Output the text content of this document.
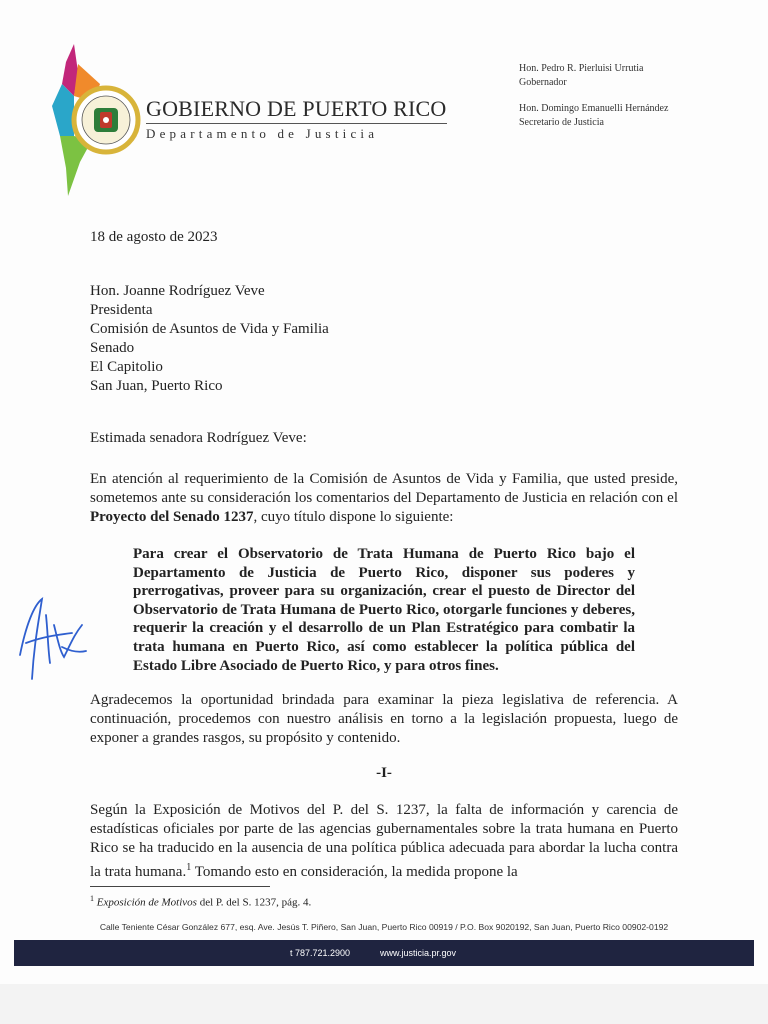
GOBIERNO DE PUERTO RICO
Departamento de Justicia
Hon. Pedro R. Pierluisi Urrutia
Gobernador
Hon. Domingo Emanuelli Hernández
Secretario de Justicia
18 de agosto de 2023
Hon. Joanne Rodríguez Veve
Presidenta
Comisión de Asuntos de Vida y Familia
Senado
El Capitolio
San Juan, Puerto Rico
Estimada senadora Rodríguez Veve:
En atención al requerimiento de la Comisión de Asuntos de Vida y Familia, que usted preside, sometemos ante su consideración los comentarios del Departamento de Justicia en relación con el Proyecto del Senado 1237, cuyo título dispone lo siguiente:
Para crear el Observatorio de Trata Humana de Puerto Rico bajo el Departamento de Justicia de Puerto Rico, disponer sus poderes y prerrogativas, proveer para su organización, crear el puesto de Director del Observatorio de Trata Humana de Puerto Rico, otorgarle funciones y deberes, requerir la creación y el desarrollo de un Plan Estratégico para combatir la trata humana en Puerto Rico, así como establecer la política pública del Estado Libre Asociado de Puerto Rico, y para otros fines.
Agradecemos la oportunidad brindada para examinar la pieza legislativa de referencia. A continuación, procedemos con nuestro análisis en torno a la legislación propuesta, luego de exponer a grandes rasgos, su propósito y contenido.
-I-
Según la Exposición de Motivos del P. del S. 1237, la falta de información y carencia de estadísticas oficiales por parte de las agencias gubernamentales sobre la trata humana en Puerto Rico se ha traducido en la ausencia de una política pública adecuada para abordar la lucha contra la trata humana.$^1$ Tomando esto en consideración, la medida propone la
$^1$ Exposición de Motivos del P. del S. 1237, pág. 4.
Calle Teniente César González 677, esq. Ave. Jesús T. Piñero, San Juan, Puerto Rico 00919 / P.O. Box 9020192, San Juan, Puerto Rico 00902-0192
t 787.721.2900	www.justicia.pr.gov
